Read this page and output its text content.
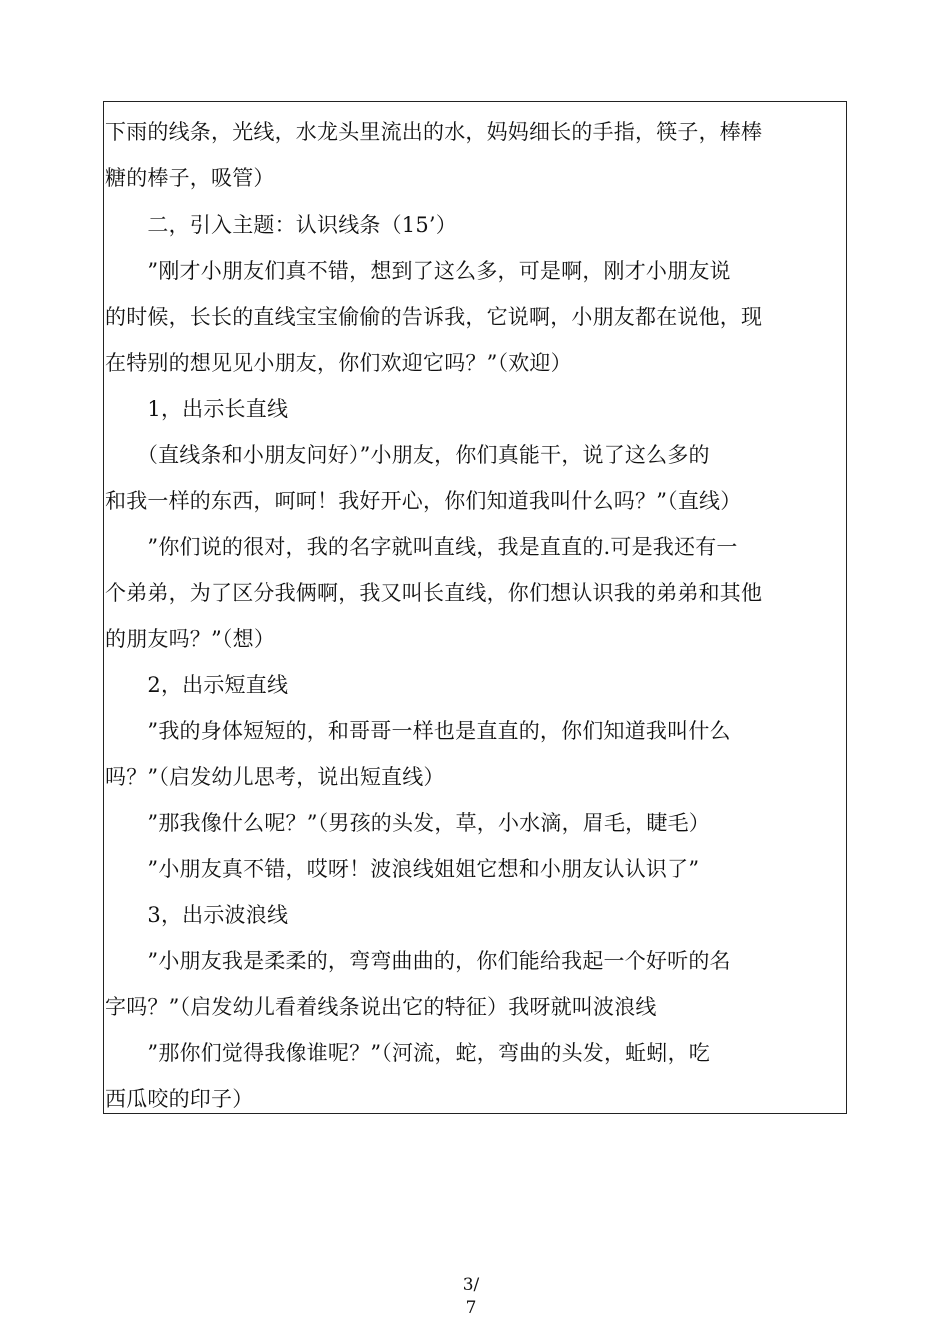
下雨的线条，光线，水龙头里流出的水，妈妈细长的手指，筷子，棒棒
糖的棒子，吸管）
　　二，引入主题：认识线条（15’）
　　”刚才小朋友们真不错，想到了这么多，可是啊，刚才小朋友说
的时候，长长的直线宝宝偷偷的告诉我，它说啊，小朋友都在说他，现
在特别的想见见小朋友，你们欢迎它吗？”（欢迎）
　　1，出示长直线
　　（直线条和小朋友问好）”小朋友，你们真能干，说了这么多的
和我一样的东西，呵呵！我好开心，你们知道我叫什么吗？”（直线）
　　”你们说的很对，我的名字就叫直线，我是直直的.可是我还有一
个弟弟，为了区分我俩啊，我又叫长直线，你们想认识我的弟弟和其他
的朋友吗？”（想）
　　2，出示短直线
　　”我的身体短短的，和哥哥一样也是直直的，你们知道我叫什么
吗？”（启发幼儿思考，说出短直线）
　　”那我像什么呢？”（男孩的头发，草，小水滴，眉毛，睫毛）
　　”小朋友真不错，哎呀！波浪线姐姐它想和小朋友认认识了”
　　3，出示波浪线
　　”小朋友我是柔柔的，弯弯曲曲的，你们能给我起一个好听的名
字吗？”（启发幼儿看着线条说出它的特征）我呀就叫波浪线
　　”那你们觉得我像谁呢？”（河流，蛇，弯曲的头发，蚯蚓，吃
西瓜咬的印子）
3/
7
